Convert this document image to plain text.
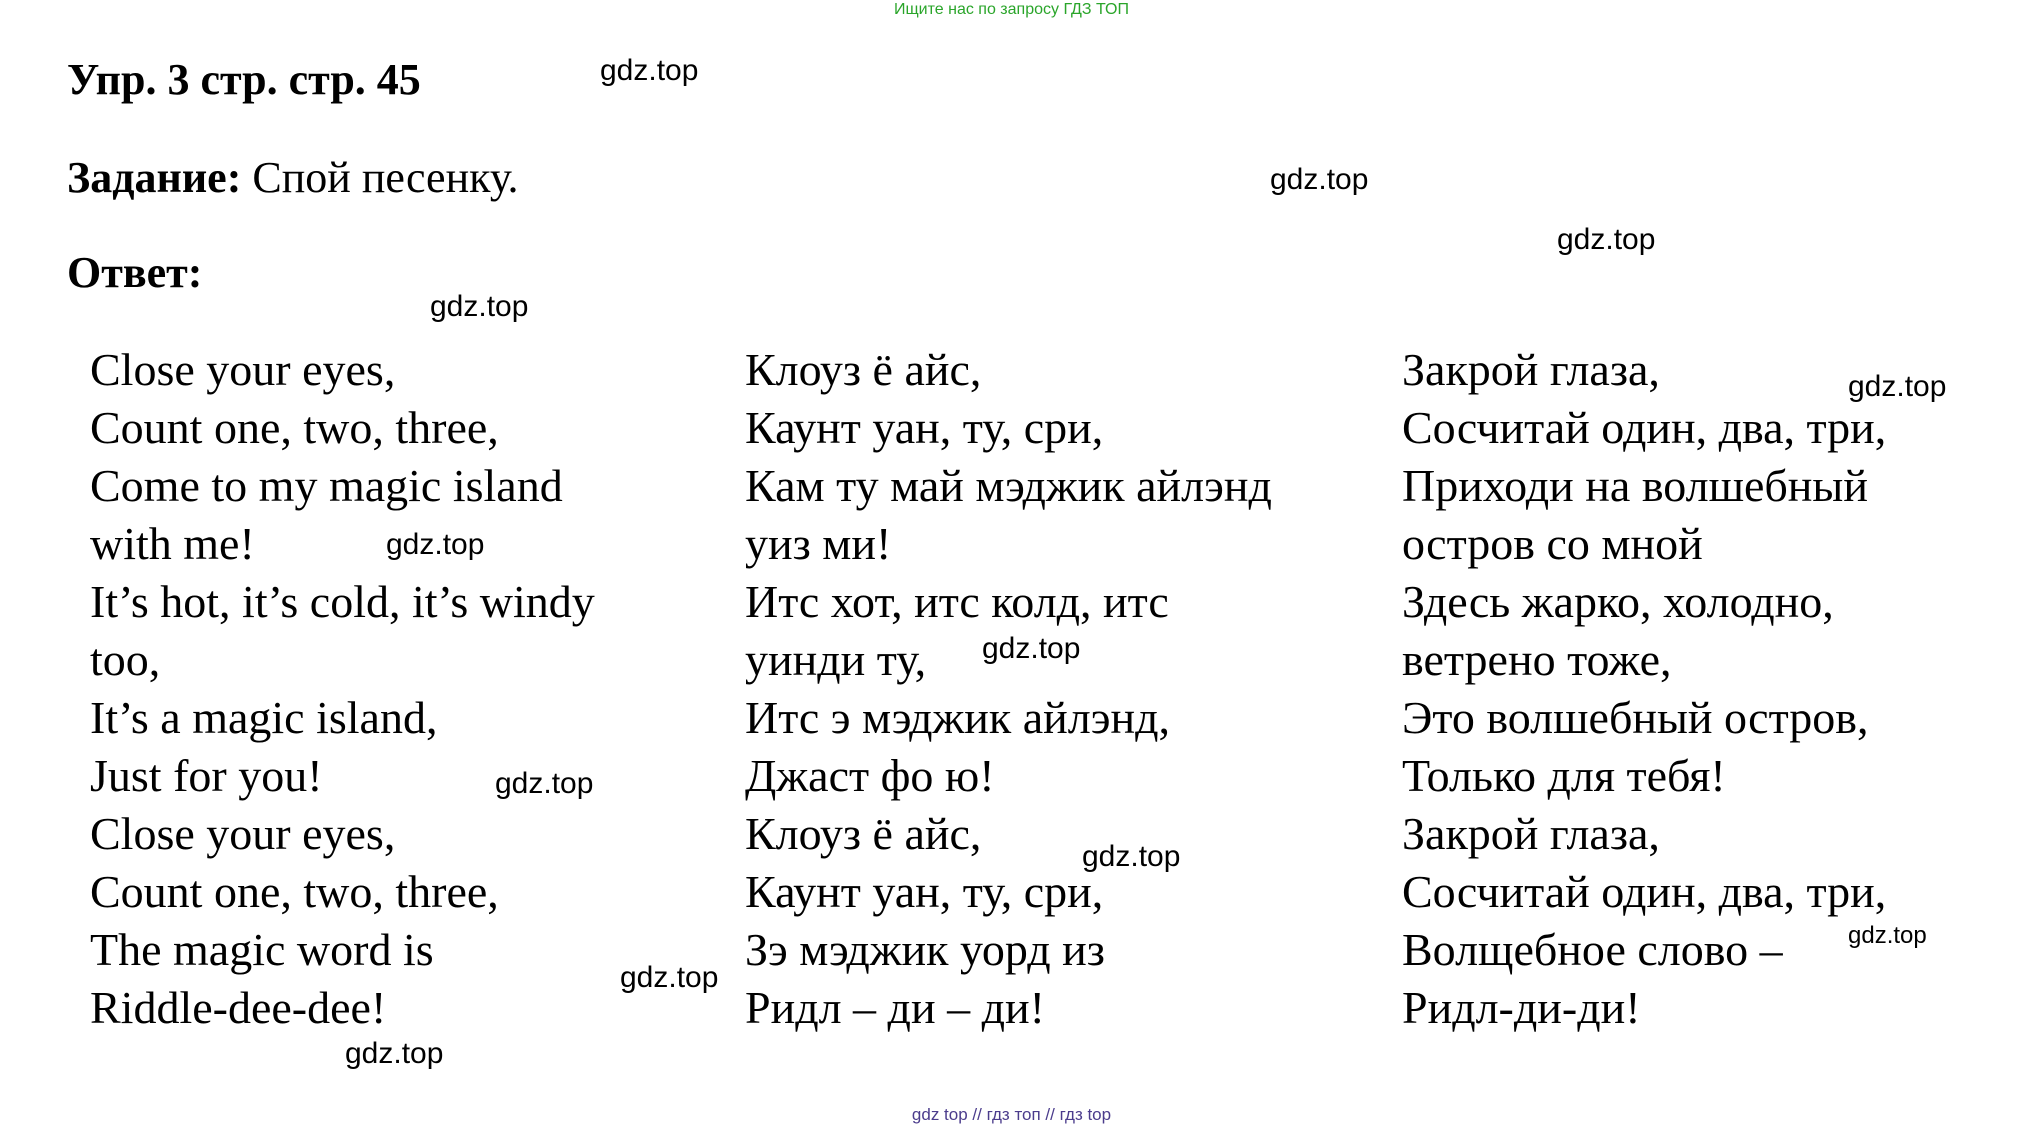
Ищите нас по запросу ГДЗ ТОП
Упр. 3 стр. стр. 45
Задание: Спой песенку.
Ответ:
Close your eyes,
Count one, two, three,
Come to my magic island
with me!
It’s hot, it’s cold, it’s windy
too,
It’s a magic island,
Just for you!
Close your eyes,
Count one, two, three,
The magic word is
Riddle-dee-dee!
Клоуз ё айс,
Каунт уан, ту, сри,
Кам ту май мэджик айлэнд
уиз ми!
Итс хот, итс колд, итс
уинди ту,
Итс э мэджик айлэнд,
Джаст фо ю!
Клоуз ё айс,
Каунт уан, ту, сри,
Зэ мэджик уорд из
Ридл – ди – ди!
Закрой глаза,
Сосчитай один, два, три,
Приходи на волшебный
остров со мной
Здесь жарко, холодно,
ветрено тоже,
Это волшебный остров,
Только для тебя!
Закрой глаза,
Сосчитай один, два, три,
Волщебное слово –
Ридл-ди-ди!
gdz.top
gdz.top
gdz.top
gdz.top
gdz.top
gdz.top
gdz.top
gdz.top
gdz.top
gdz.top
gdz.top
gdz.top
gdz top // гдз топ // гдз top
